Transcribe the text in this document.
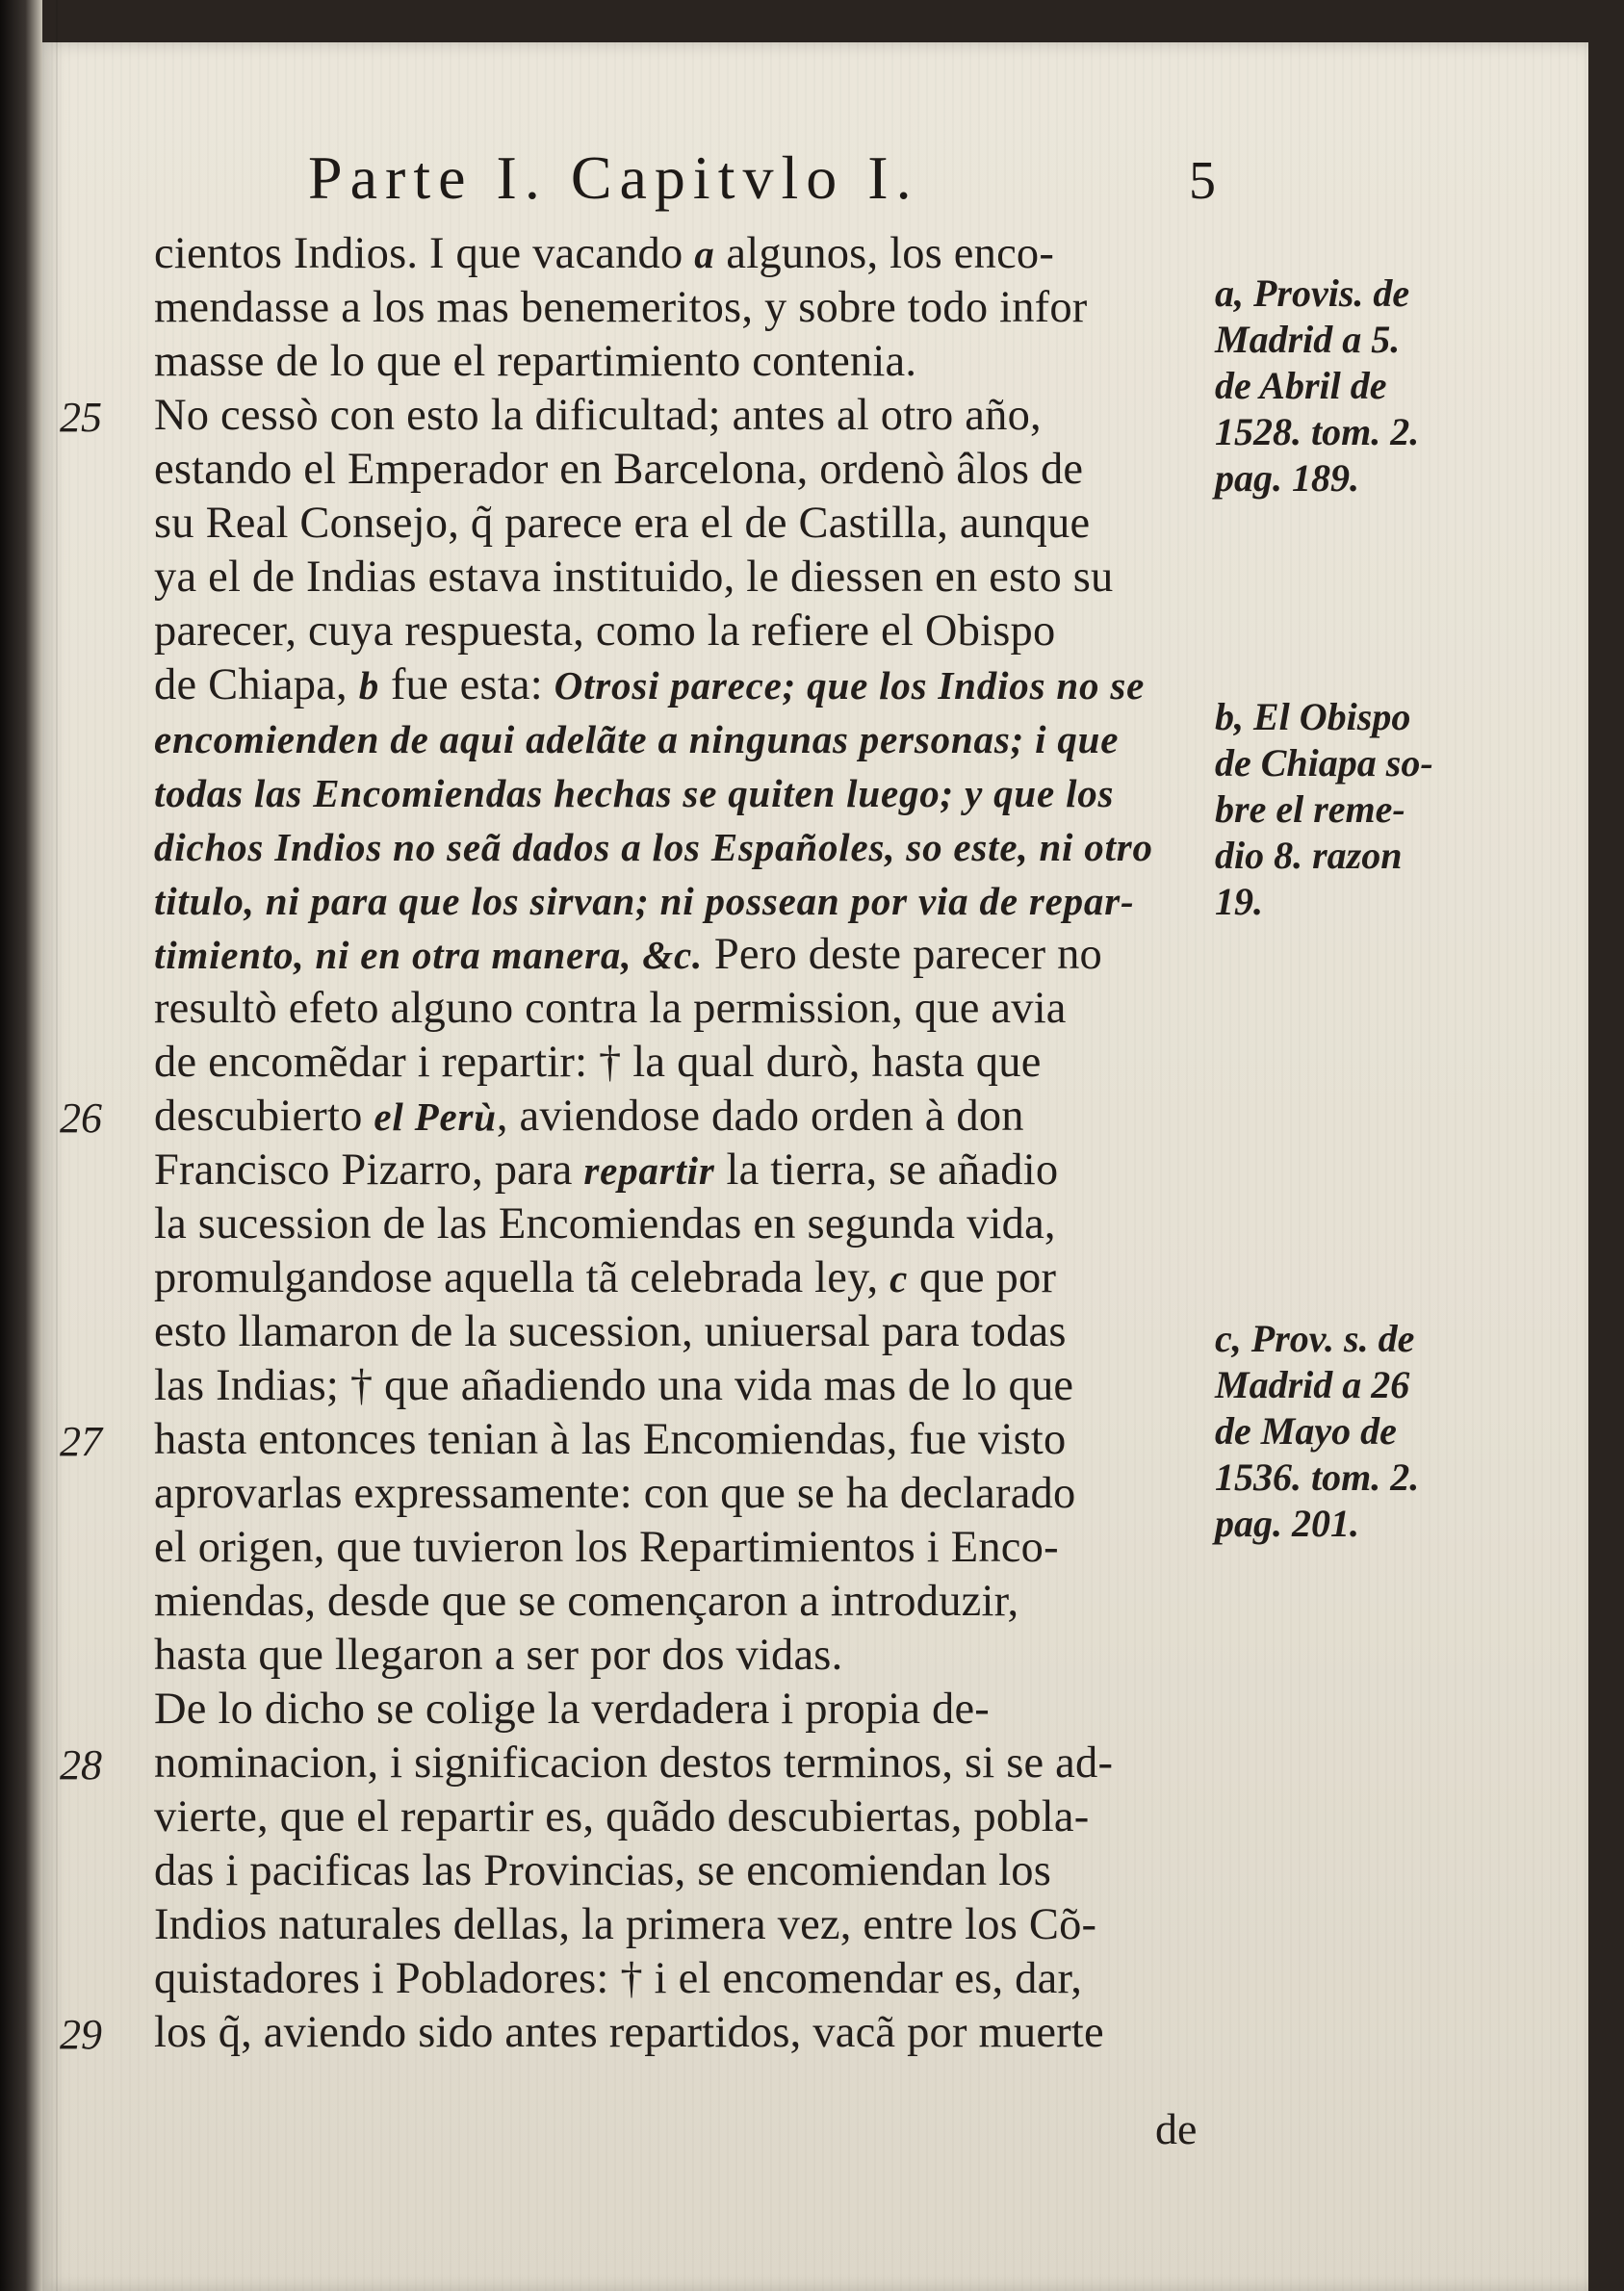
Parte I. Capitvlo I.	5
cientos Indios. I que vacando a algunos, los enco-
mendasse a los mas benemeritos, y sobre todo infor
masse de lo que el repartimiento contenia.
No cessò con esto la dificultad; antes al otro año,
estando el Emperador en Barcelona, ordenò âlos de
su Real Consejo, q̃ parece era el de Castilla, aunque
ya el de Indias estava instituido, le diessen en esto su
parecer, cuya respuesta, como la refiere el Obispo
de Chiapa, b fue esta: Otrosi parece; que los Indios no se
encomienden de aqui adelãte a ningunas personas; i que
todas las Encomiendas hechas se quiten luego; y que los
dichos Indios no seã dados a los Españoles, so este, ni otro
titulo, ni para que los sirvan; ni possean por via de repar-
timiento, ni en otra manera, &c. Pero deste parecer no
resultò efeto alguno contra la permission, que avia
de encomẽdar i repartir: † la qual durò, hasta que
descubierto el Perù, aviendose dado orden à don
Francisco Pizarro, para repartir la tierra, se añadio
la sucession de las Encomiendas en segunda vida,
promulgandose aquella tã celebrada ley, c que por
esto llamaron de la sucession, uniuersal para todas
las Indias; † que añadiendo una vida mas de lo que
hasta entonces tenian à las Encomiendas, fue visto
aprovarlas expressamente: con que se ha declarado
el origen, que tuvieron los Repartimientos i Enco-
miendas, desde que se començaron a introduzir,
hasta que llegaron a ser por dos vidas.
De lo dicho se colige la verdadera i propia de-
nominacion, i significacion destos terminos, si se ad-
vierte, que el repartir es, quãdo descubiertas, pobla-
das i pacificas las Provincias, se encomiendan los
Indios naturales dellas, la primera vez, entre los Cõ-
quistadores i Pobladores: † i el encomendar es, dar,
los q̃, aviendo sido antes repartidos, vacã por muerte
25
26
27
28
29
a, Provis. de
Madrid a 5.
de Abril de
1528. tom. 2.
pag. 189.
b, El Obispo
de Chiapa so-
bre el reme-
dio 8. razon
19.
c, Prov. s. de
Madrid a 26
de Mayo de
1536. tom. 2.
pag. 201.
de
